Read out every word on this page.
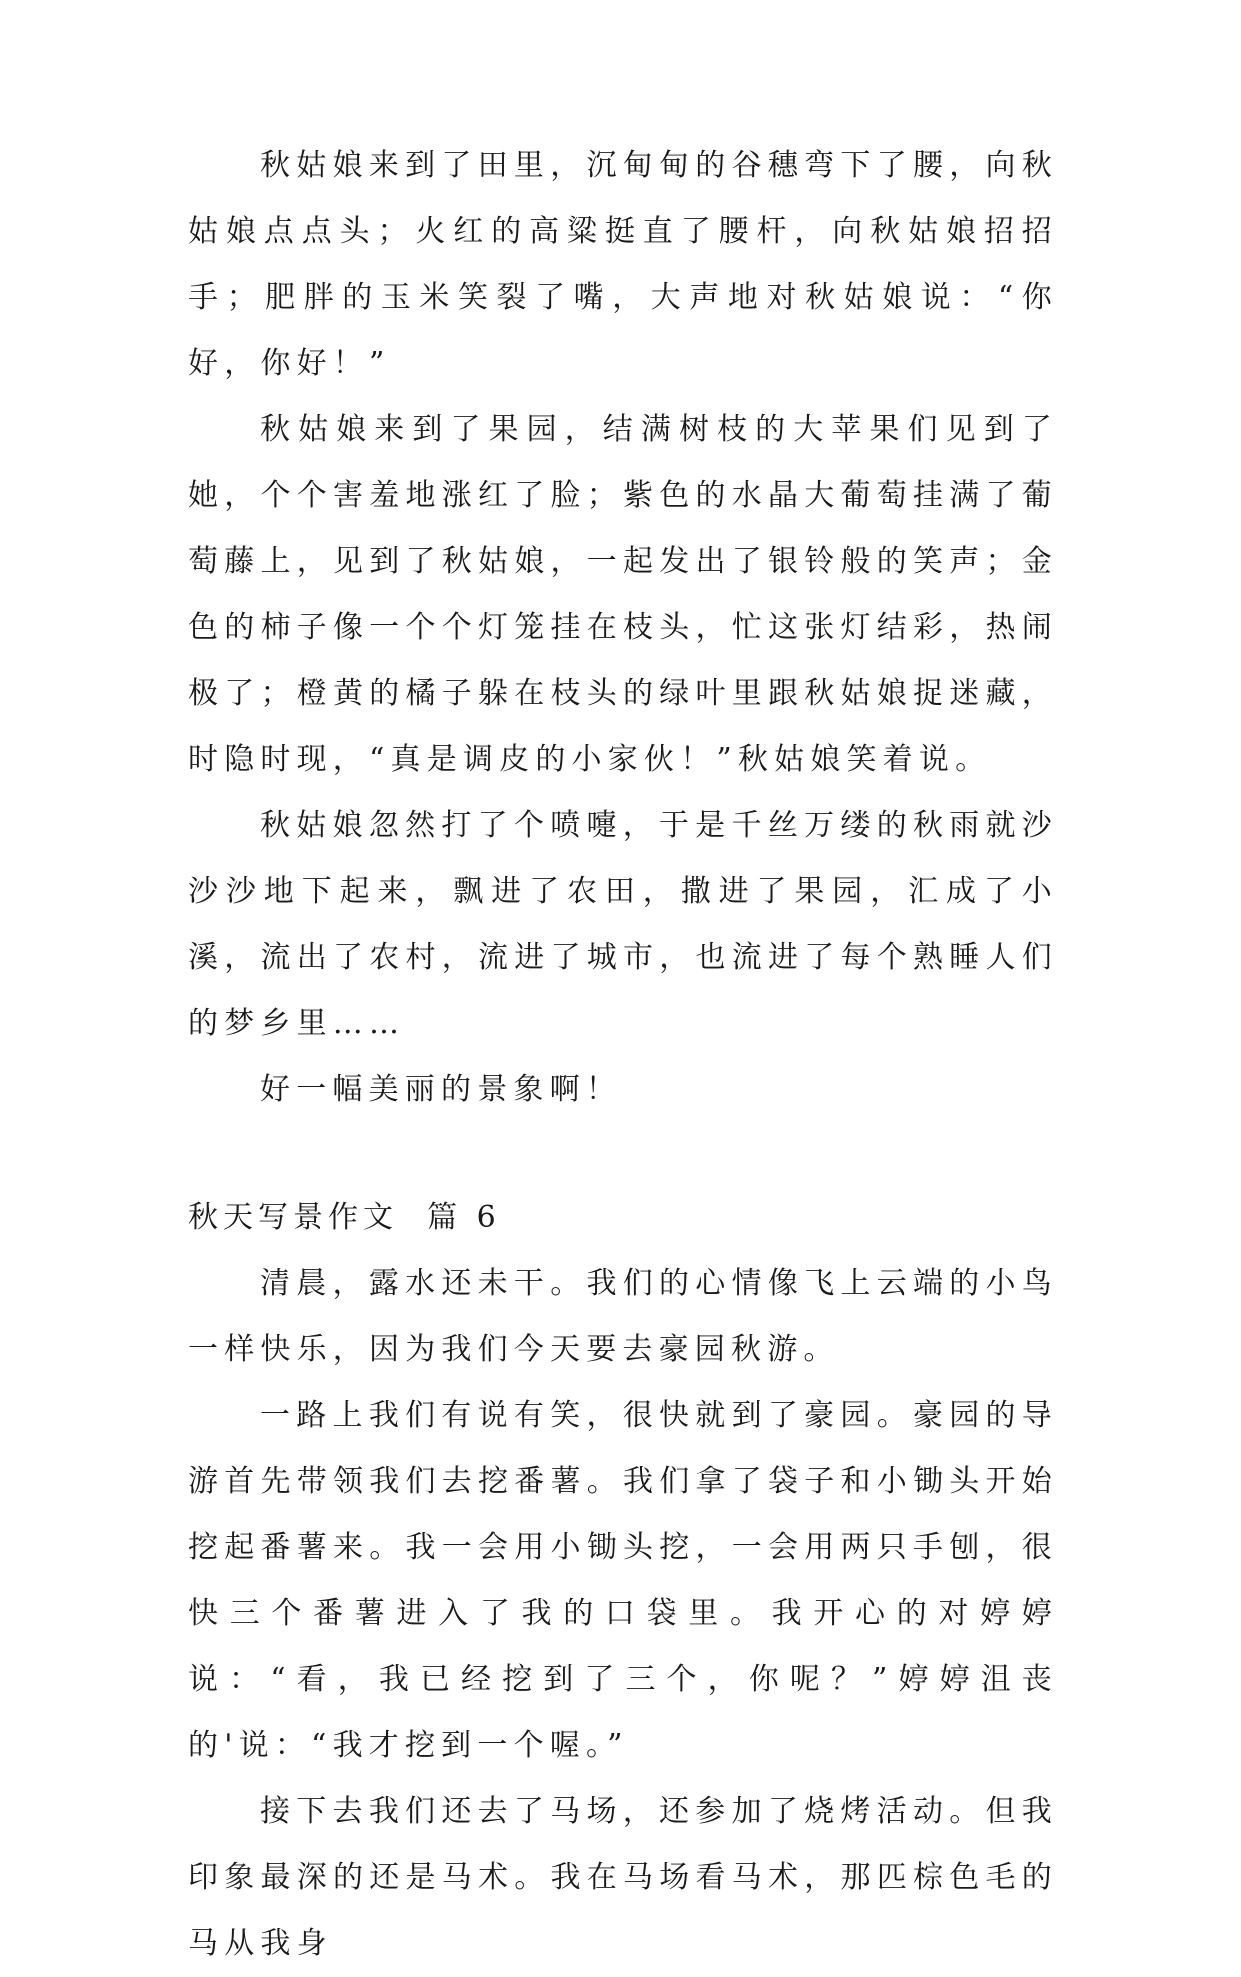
秋姑娘来到了田里，沉甸甸的谷穗弯下了腰，向秋姑娘点点头；火红的高粱挺直了腰杆，向秋姑娘招招手；肥胖的玉米笑裂了嘴，大声地对秋姑娘说：“你好，你好！”

秋姑娘来到了果园，结满树枝的大苹果们见到了她，个个害羞地涨红了脸；紫色的水晶大葡萄挂满了葡萄藤上，见到了秋姑娘，一起发出了银铃般的笑声；金色的柿子像一个个灯笼挂在枝头，忙这张灯结彩，热闹极了；橙黄的橘子躲在枝头的绿叶里跟秋姑娘捉迷藏，时隐时现，“真是调皮的小家伙！”秋姑娘笑着说。

秋姑娘忽然打了个喷嚏，于是千丝万缕的秋雨就沙沙沙地下起来，飘进了农田，撒进了果园，汇成了小溪，流出了农村，流进了城市，也流进了每个熟睡人们的梦乡里……

好一幅美丽的景象啊！

秋天写景作文  篇 6

清晨，露水还未干。我们的心情像飞上云端的小鸟一样快乐，因为我们今天要去豪园秋游。

一路上我们有说有笑，很快就到了豪园。豪园的导游首先带领我们去挖番薯。我们拿了袋子和小锄头开始挖起番薯来。我一会用小锄头挖，一会用两只手刨，很快三个番薯进入了我的口袋里。我开心的对婷婷说：“看，我已经挖到了三个，你呢？”婷婷沮丧的'说：“我才挖到一个喔。”

接下去我们还去了马场，还参加了烧烤活动。但我印象最深的还是马术。我在马场看马术，那匹棕色毛的马从我身
